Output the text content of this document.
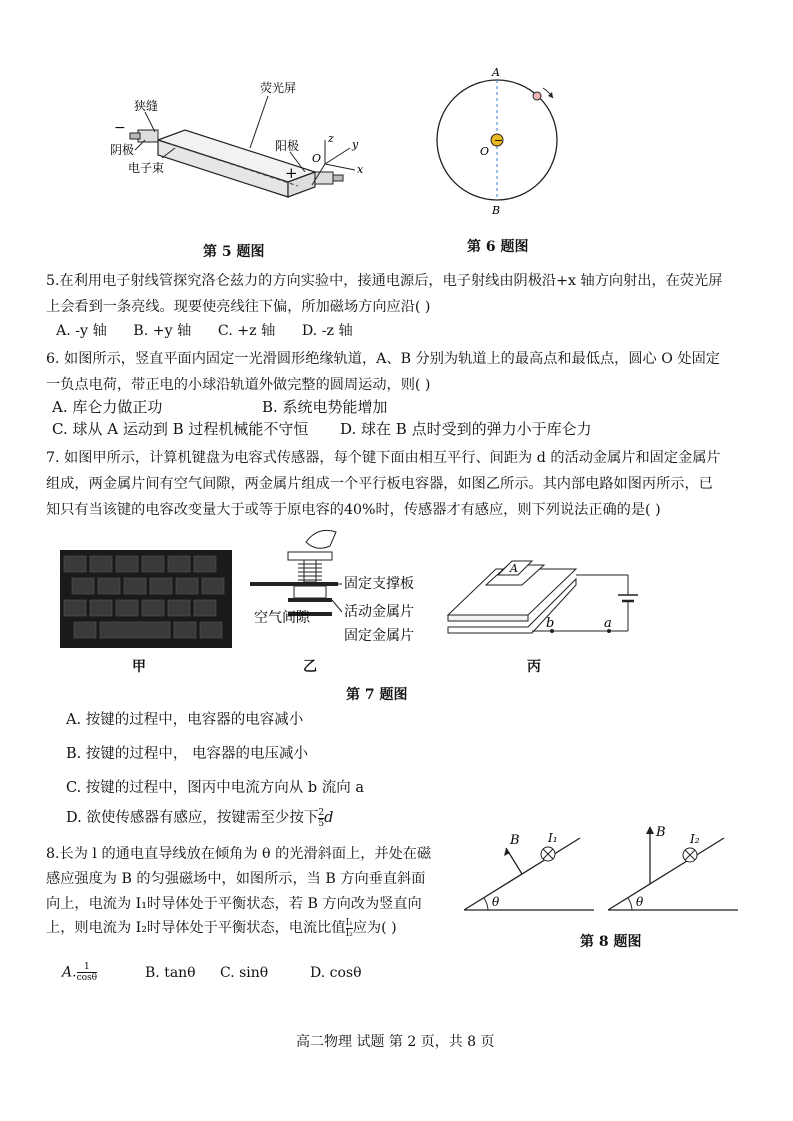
狭缝
荧光屏
阳极
阴极
电子束
−
+
z y
x
O
第 5 题图
−
A
B
O
第 6 题图
5.在利用电子射线管探究洛仑兹力的方向实验中，接通电源后，电子射线由阴极沿+x 轴方向射出，在荧光屏
上会看到一条亮线。现要使亮线往下偏，所加磁场方向应沿( )
A. -y 轴 B. +y 轴 C. +z 轴 D. -z 轴
6. 如图所示，竖直平面内固定一光滑圆形绝缘轨道，A、B 分别为轨道上的最高点和最低点，圆心 O 处固定
一负点电荷，带正电的小球沿轨道外做完整的圆周运动，则( )
A. 库仑力做正功	B. 系统电势能增加
C. 球从 A 运动到 B 过程机械能不守恒 D. 球在 B 点时受到的弹力小于库仑力
7. 如图甲所示，计算机键盘为电容式传感器，每个键下面由相互平行、间距为 d 的活动金属片和固定金属片
组成，两金属片间有空气间隙，两金属片组成一个平行板电容器，如图乙所示。其内部电路如图丙所示，已
知只有当该键的电容改变量大于或等于原电容的40%时，传感器才有感应，则下列说法正确的是( )
固定支撑板
空气间隙 活动金属片
固定金属片
A
b	a
甲	乙	丙
第 7 题图
A. 按键的过程中，电容器的电容减小
B. 按键的过程中， 电容器的电压减小
C. 按键的过程中，图丙中电流方向从 b 流向 a
D. 欲使传感器有感应，按键需至少按下 $\frac{2}{5}$ d
8.长为 l 的通电直导线放在倾角为 θ 的光滑斜面上，并处在磁
感应强度为 B 的匀强磁场中，如图所示，当 B 方向垂直斜面
向上，电流为 I₁时导体处于平衡状态，若 B 方向改为竖直向
上，则电流为 I₂时导体处于平衡状态，电流比值 $\frac{\text{I₁}}{\text{I₂}}$ 应为( )
θ
B I₁
θ
B I₂
第 8 题图
A. $\frac{1}{\cos\theta}$	B. tanθ C. sinθ	D. cosθ
高二物理 试题 第 2 页，共 8 页
